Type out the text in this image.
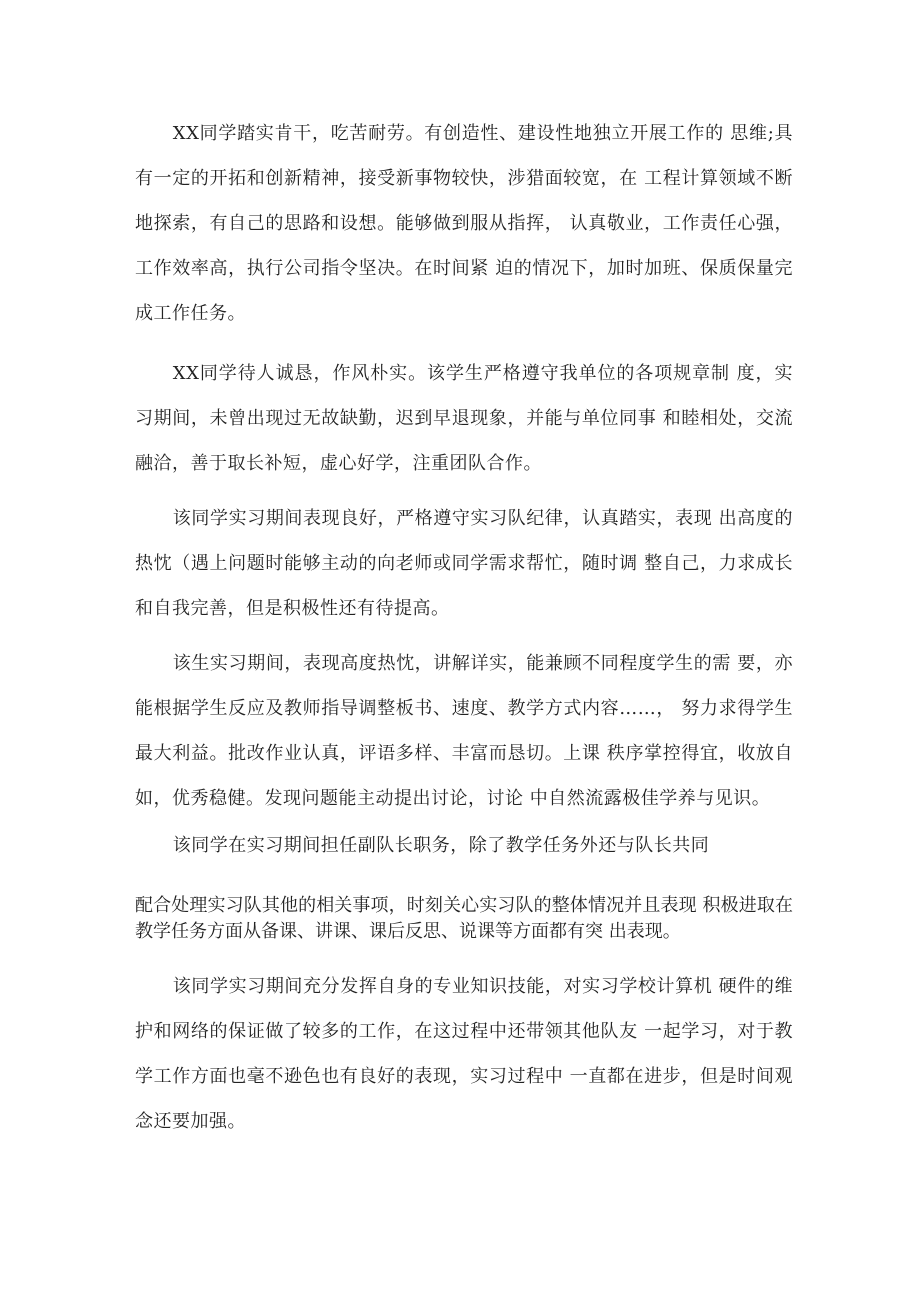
XX同学踏实肯干，吃苦耐劳。有创造性、建设性地独立开展工作的 思维;具有一定的开拓和创新精神，接受新事物较快，涉猎面较宽，在 工程计算领域不断地探索，有自己的思路和设想。能够做到服从指挥， 认真敬业，工作责任心强，工作效率高，执行公司指令坚决。在时间紧 迫的情况下，加时加班、保质保量完成工作任务。

XX同学待人诚恳，作风朴实。该学生严格遵守我单位的各项规章制 度，实习期间，未曾出现过无故缺勤，迟到早退现象，并能与单位同事 和睦相处，交流融洽，善于取长补短，虚心好学，注重团队合作。

该同学实习期间表现良好，严格遵守实习队纪律，认真踏实，表现 出高度的热忱（遇上问题时能够主动的向老师或同学需求帮忙，随时调 整自己，力求成长和自我完善，但是积极性还有待提高。

该生实习期间，表现高度热忱，讲解详实，能兼顾不同程度学生的需 要，亦能根据学生反应及教师指导调整板书、速度、教学方式内容……， 努力求得学生最大利益。批改作业认真，评语多样、丰富而恳切。上课 秩序掌控得宜，收放自如，优秀稳健。发现问题能主动提出讨论，讨论 中自然流露极佳学养与见识。

该同学在实习期间担任副队长职务，除了教学任务外还与队长共同

配合处理实习队其他的相关事项，时刻关心实习队的整体情况并且表现 积极进取在教学任务方面从备课、讲课、课后反思、说课等方面都有突 出表现。

该同学实习期间充分发挥自身的专业知识技能，对实习学校计算机 硬件的维护和网络的保证做了较多的工作，在这过程中还带领其他队友 一起学习，对于教学工作方面也毫不逊色也有良好的表现，实习过程中 一直都在进步，但是时间观念还要加强。
